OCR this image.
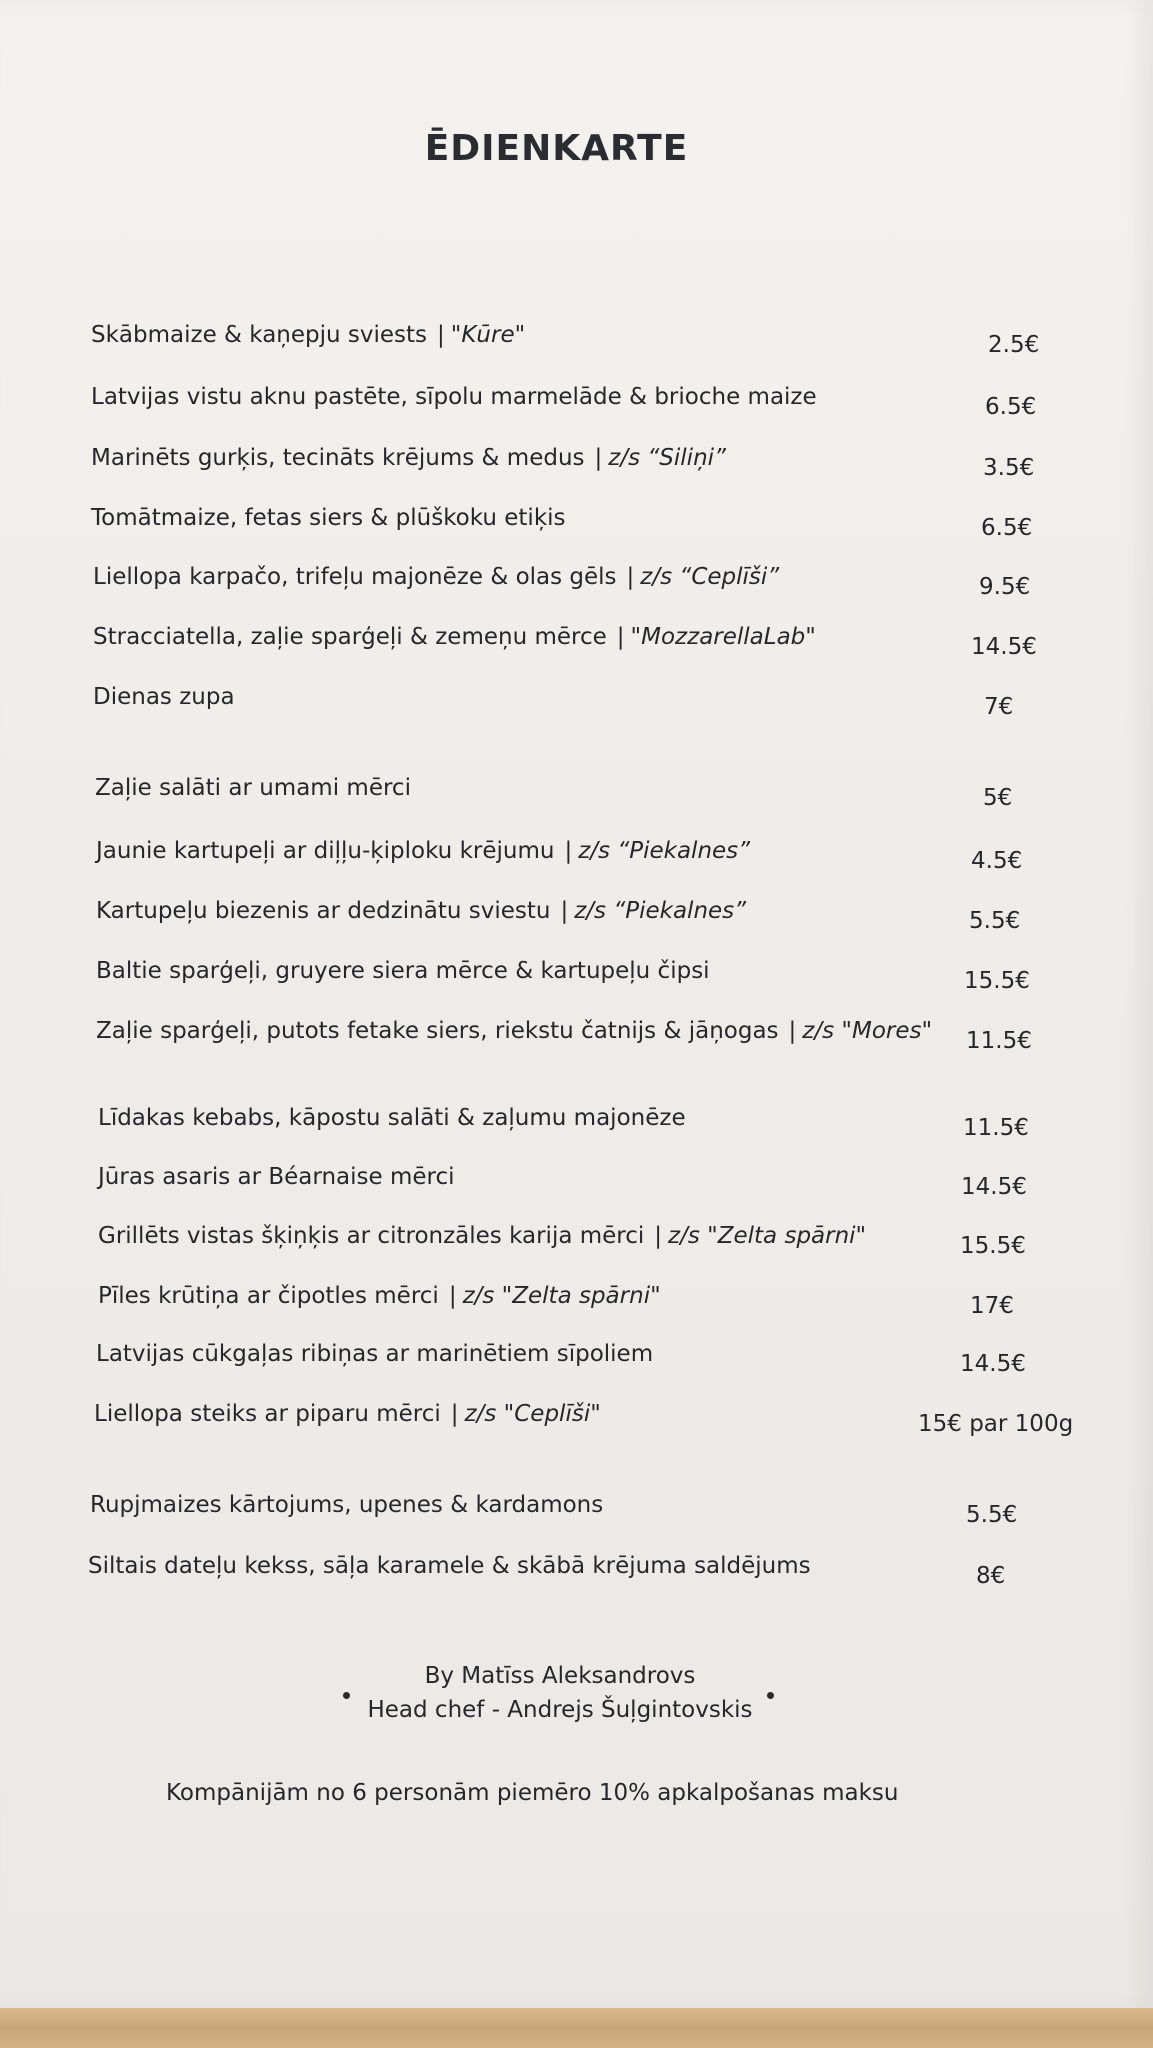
ĒDIENKARTE
Skābmaize & kaņepju sviests | "Kūre"	2.5€
Latvijas vistu aknu pastēte, sīpolu marmelāde & brioche maize	6.5€
Marinēts gurķis, tecināts krējums & medus | z/s “Siliņi”	3.5€
Tomātmaize, fetas siers & plūškoku etiķis	6.5€
Liellopa karpačo, trifeļu majonēze & olas gēls | z/s “Ceplīši”	9.5€
Stracciatella, zaļie sparģeļi & zemeņu mērce | "MozzarellaLab"	14.5€
Dienas zupa	7€
Zaļie salāti ar umami mērci	5€
Jaunie kartupeļi ar diļļu-ķiploku krējumu | z/s “Piekalnes”	4.5€
Kartupeļu biezenis ar dedzinātu sviestu | z/s “Piekalnes”	5.5€
Baltie sparģeļi, gruyere siera mērce & kartupeļu čipsi	15.5€
Zaļie sparģeļi, putots fetake siers, riekstu čatnijs & jāņogas | z/s "Mores" 11.5€
Līdakas kebabs, kāpostu salāti & zaļumu majonēze	11.5€
Jūras asaris ar Béarnaise mērci	14.5€
Grillēts vistas šķiņķis ar citronzāles karija mērci | z/s "Zelta spārni"	15.5€
Pīles krūtiņa ar čipotles mērci | z/s "Zelta spārni"	17€
Latvijas cūkgaļas ribiņas ar marinētiem sīpoliem	14.5€
Liellopa steiks ar piparu mērci | z/s "Ceplīši"	15€ par 100g
Rupjmaizes kārtojums, upenes & kardamons	5.5€
Siltais dateļu kekss, sāļa karamele & skābā krējuma saldējums	8€
By Matīss Aleksandrovs
Head chef - Andrejs Šuļgintovskis
Kompānijām no 6 personām piemēro 10% apkalpošanas maksu
